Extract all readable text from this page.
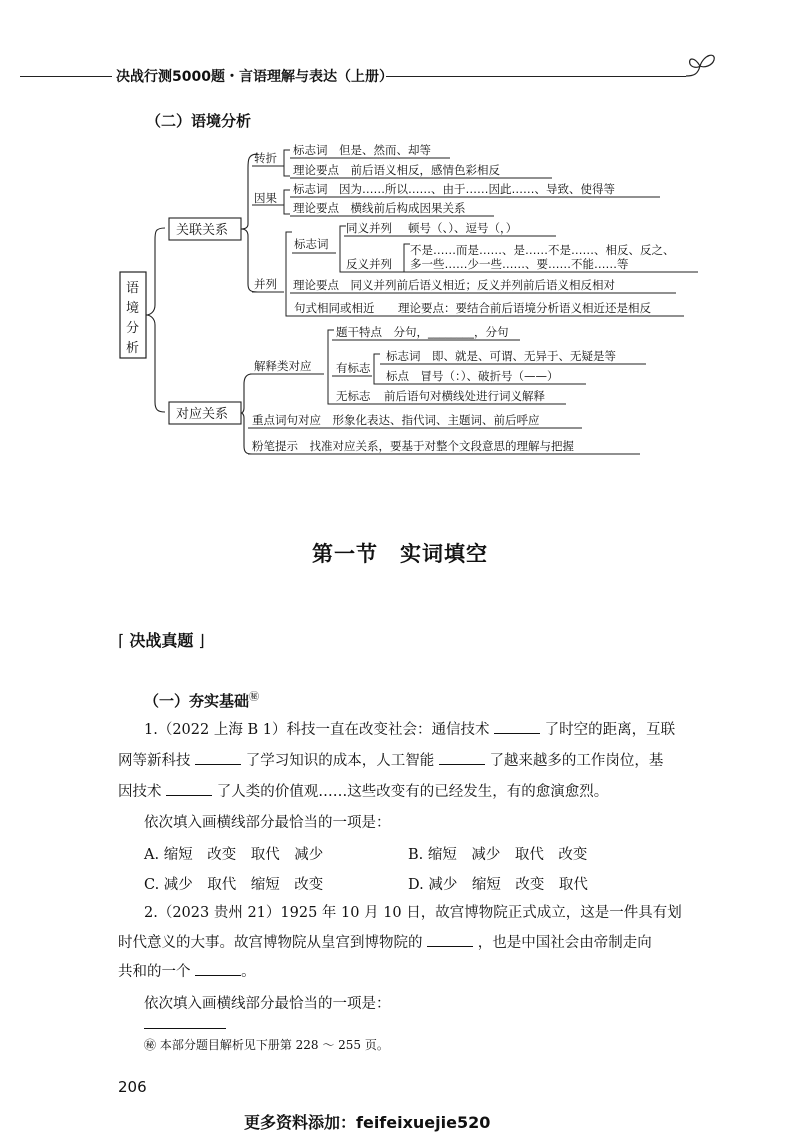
决战行测5000题・言语理解与表达（上册）
（二）语境分析
语
境
分
析
关联关系
转折
标志词　但是、然而、却等
理论要点　前后语义相反，感情色彩相反
因果
标志词　因为……所以……、由于……因此……、导致、使得等
理论要点　横线前后构成因果关系
并列
标志词
同义并列 顿号（、）、逗号（，）
反义并列
不是……而是……、是……不是……、相反、反之、
多一些……少一些……、要……不能……等
理论要点　同义并列前后语义相近；反义并列前后语义相反相对
句式相同或相近 理论要点：要结合前后语境分析语义相近还是相反
对应关系
解释类对应
题干特点　分句，________，分句
有标志
标志词　即、就是、可谓、无异于、无疑是等
标点　冒号（：）、破折号（——）
无标志 前后语句对横线处进行词义解释
重点词句对应　形象化表达、指代词、主题词、前后呼应
粉笔提示　找准对应关系，要基于对整个文段意思的理解与把握
第一节　实词填空
⌈ 决战真题 ⌋
（一）夯实基础㊙
1.（2022 上海 B 1）科技一直在改变社会：通信技术	了时空的距离，互联
网等新科技	了学习知识的成本，人工智能	了越来越多的工作岗位，基
因技术	了人类的价值观……这些改变有的已经发生，有的愈演愈烈。
依次填入画横线部分最恰当的一项是：
A. 缩短　改变　取代　减少	B. 缩短　减少　取代　改变
C. 减少　取代　缩短　改变	D. 减少　缩短　改变　取代
2.（2023 贵州 21）1925 年 10 月 10 日，故宫博物院正式成立，这是一件具有划
时代意义的大事。故宫博物院从皇宫到博物院的	，也是中国社会由帝制走向
共和的一个	。
依次填入画横线部分最恰当的一项是：
㊙ 本部分题目解析见下册第 228 ～ 255 页。
206
更多资料添加：feifeixuejie520
